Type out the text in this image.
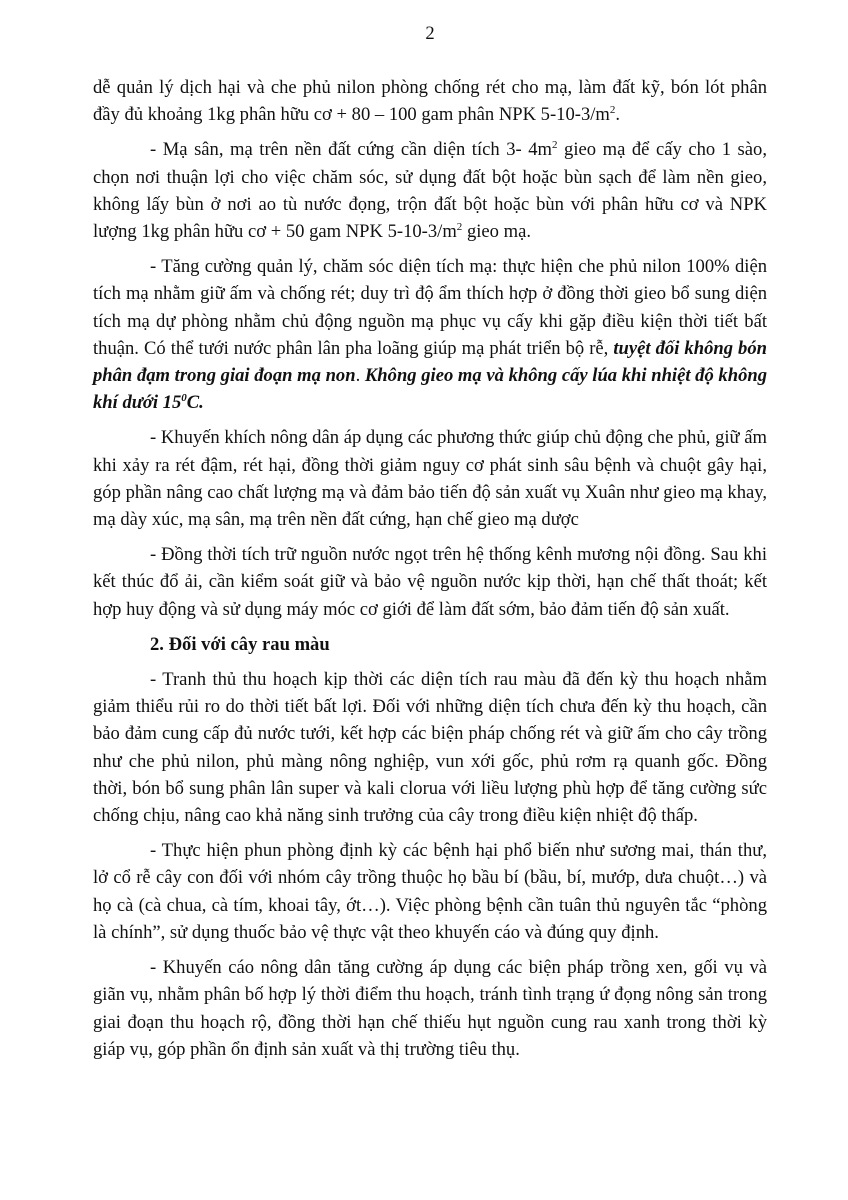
2

dễ quản lý dịch hại và che phủ nilon phòng chống rét cho mạ, làm đất kỹ, bón lót phân đầy đủ khoảng 1kg phân hữu cơ + 80 – 100 gam phân NPK $5-10-3/m^2$.

- Mạ sân, mạ trên nền đất cứng cần diện tích 3- $4m^2$ gieo mạ để cấy cho 1 sào, chọn nơi thuận lợi cho việc chăm sóc, sử dụng đất bột hoặc bùn sạch để làm nền gieo, không lấy bùn ở nơi ao tù nước đọng, trộn đất bột hoặc bùn với phân hữu cơ và NPK lượng 1kg phân hữu cơ + 50 gam NPK $5-10-3/m^2$ gieo mạ.

- Tăng cường quản lý, chăm sóc diện tích mạ: thực hiện che phủ nilon 100% diện tích mạ nhằm giữ ấm và chống rét; duy trì độ ẩm thích hợp ở đồng thời gieo bổ sung diện tích mạ dự phòng nhằm chủ động nguồn mạ phục vụ cấy khi gặp điều kiện thời tiết bất thuận. Có thể tưới nước phân lân pha loãng giúp mạ phát triển bộ rễ, tuyệt đối không bón phân đạm trong giai đoạn mạ non. Không gieo mạ và không cấy lúa khi nhiệt độ không khí dưới $15^0C$.

- Khuyến khích nông dân áp dụng các phương thức giúp chủ động che phủ, giữ ấm khi xảy ra rét đậm, rét hại, đồng thời giảm nguy cơ phát sinh sâu bệnh và chuột gây hại, góp phần nâng cao chất lượng mạ và đảm bảo tiến độ sản xuất vụ Xuân như gieo mạ khay, mạ dày xúc, mạ sân, mạ trên nền đất cứng, hạn chế gieo mạ dược

- Đồng thời tích trữ nguồn nước ngọt trên hệ thống kênh mương nội đồng. Sau khi kết thúc đổ ải, cần kiểm soát giữ và bảo vệ nguồn nước kịp thời, hạn chế thất thoát; kết hợp huy động và sử dụng máy móc cơ giới để làm đất sớm, bảo đảm tiến độ sản xuất.

2. Đối với cây rau màu

- Tranh thủ thu hoạch kịp thời các diện tích rau màu đã đến kỳ thu hoạch nhằm giảm thiểu rủi ro do thời tiết bất lợi. Đối với những diện tích chưa đến kỳ thu hoạch, cần bảo đảm cung cấp đủ nước tưới, kết hợp các biện pháp chống rét và giữ ấm cho cây trồng như che phủ nilon, phủ màng nông nghiệp, vun xới gốc, phủ rơm rạ quanh gốc. Đồng thời, bón bổ sung phân lân super và kali clorua với liều lượng phù hợp để tăng cường sức chống chịu, nâng cao khả năng sinh trưởng của cây trong điều kiện nhiệt độ thấp.

- Thực hiện phun phòng định kỳ các bệnh hại phổ biến như sương mai, thán thư, lở cổ rễ cây con đối với nhóm cây trồng thuộc họ bầu bí (bầu, bí, mướp, dưa chuột…) và họ cà (cà chua, cà tím, khoai tây, ớt…). Việc phòng bệnh cần tuân thủ nguyên tắc “phòng là chính”, sử dụng thuốc bảo vệ thực vật theo khuyến cáo và đúng quy định.

- Khuyến cáo nông dân tăng cường áp dụng các biện pháp trồng xen, gối vụ và giãn vụ, nhằm phân bố hợp lý thời điểm thu hoạch, tránh tình trạng ứ đọng nông sản trong giai đoạn thu hoạch rộ, đồng thời hạn chế thiếu hụt nguồn cung rau xanh trong thời kỳ giáp vụ, góp phần ổn định sản xuất và thị trường tiêu thụ.
